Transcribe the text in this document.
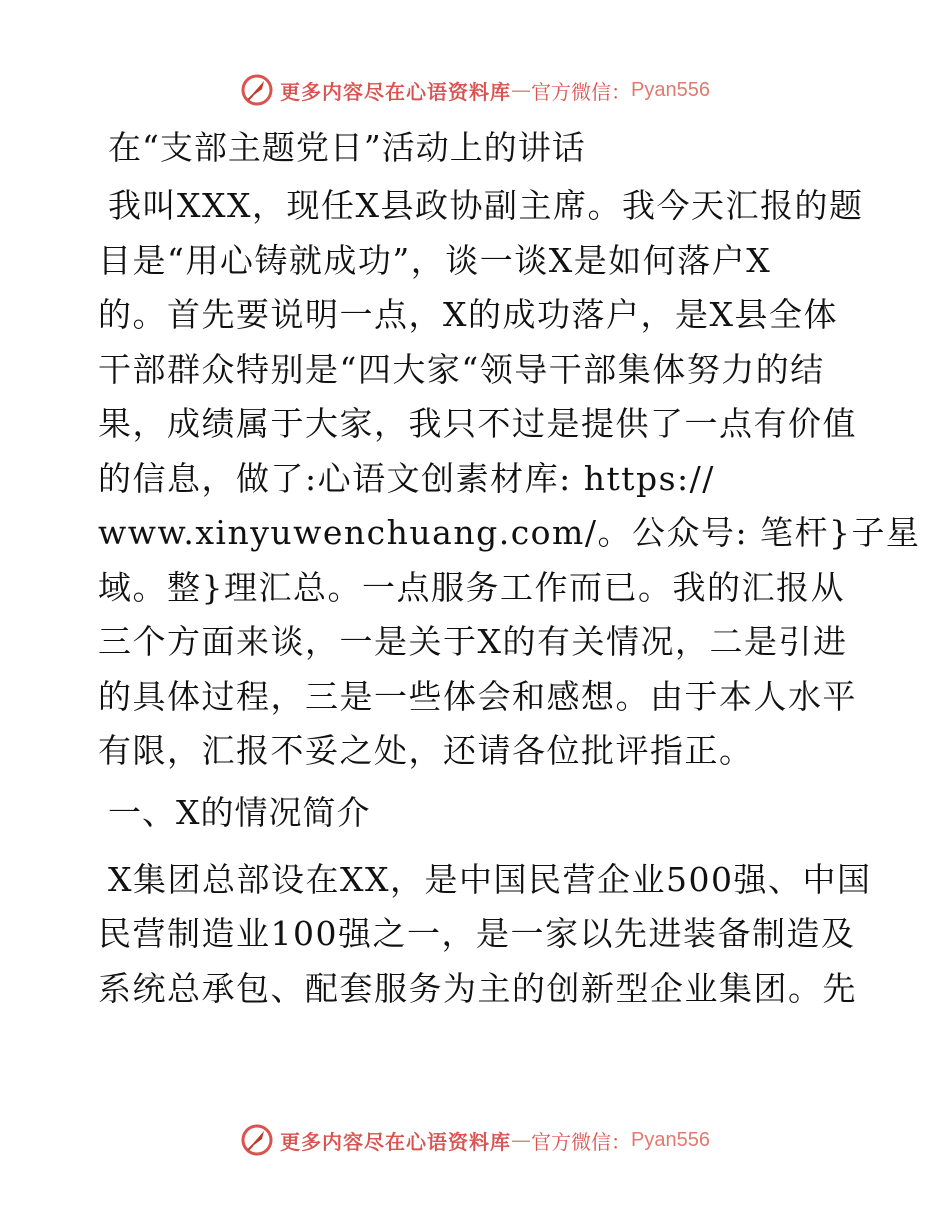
更多内容尽在心语资料库 — 官方微信： Pyan556
在“支部主题党日”活动上的讲话
我叫XXX，现任X县政协副主席。我今天汇报的题
目是“用心铸就成功”，谈一谈X是如何落户X
的。首先要说明一点，X的成功落户，是X县全体
干部群众特别是“四大家“领导干部集体努力的结
果，成绩属于大家，我只不过是提供了一点有价值
的信息，做了:心语文创素材库: https://
www.xinyuwenchuang.com/。公众号: 笔杆}子星
域。整}理汇总。一点服务工作而已。我的汇报从
三个方面来谈，一是关于X的有关情况，二是引进
的具体过程，三是一些体会和感想。由于本人水平
有限，汇报不妥之处，还请各位批评指正。
一、X的情况简介
X集团总部设在XX，是中国民营企业500强、中国
民营制造业100强之一，是一家以先进装备制造及
系统总承包、配套服务为主的创新型企业集团。先
更多内容尽在心语资料库 — 官方微信： Pyan556
